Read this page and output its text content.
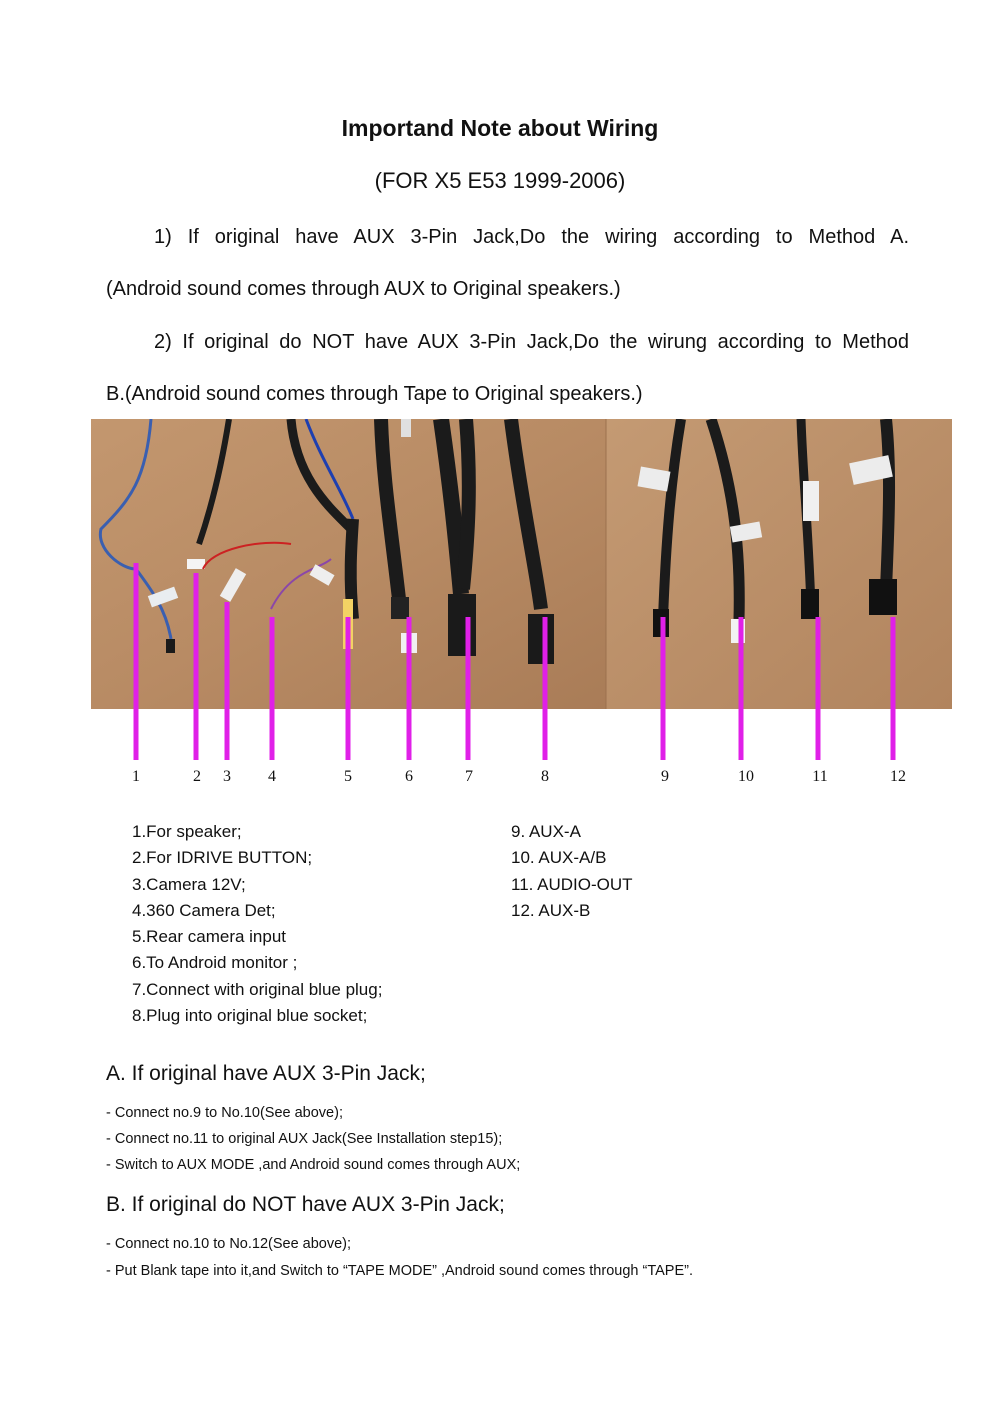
Importand Note about Wiring
(FOR X5 E53 1999-2006)
1) If original have AUX 3-Pin Jack,Do the wiring according to Method A.
(Android sound comes through AUX to Original speakers.)
2) If original do NOT have AUX 3-Pin Jack,Do the wirung according to Method
B.(Android sound comes through Tape to Original speakers.)
1	2	3	4	5	6	7	8	9	10	11	12
1.For speaker;
2.For IDRIVE BUTTON;
3.Camera 12V;
4.360 Camera Det;
5.Rear camera input
6.To Android monitor ;
7.Connect with original blue plug;
8.Plug into original blue socket;
9. AUX-A
10. AUX-A/B
11. AUDIO-OUT
12. AUX-B
A. If original have AUX 3-Pin Jack;
- Connect no.9 to No.10(See above);
- Connect no.11 to original AUX Jack(See Installation step15);
- Switch to AUX MODE ,and Android sound comes through AUX;
B. If original do NOT have AUX 3-Pin Jack;
- Connect no.10 to No.12(See above);
- Put Blank tape into it,and Switch to “TAPE MODE” ,Android sound comes through “TAPE”.
